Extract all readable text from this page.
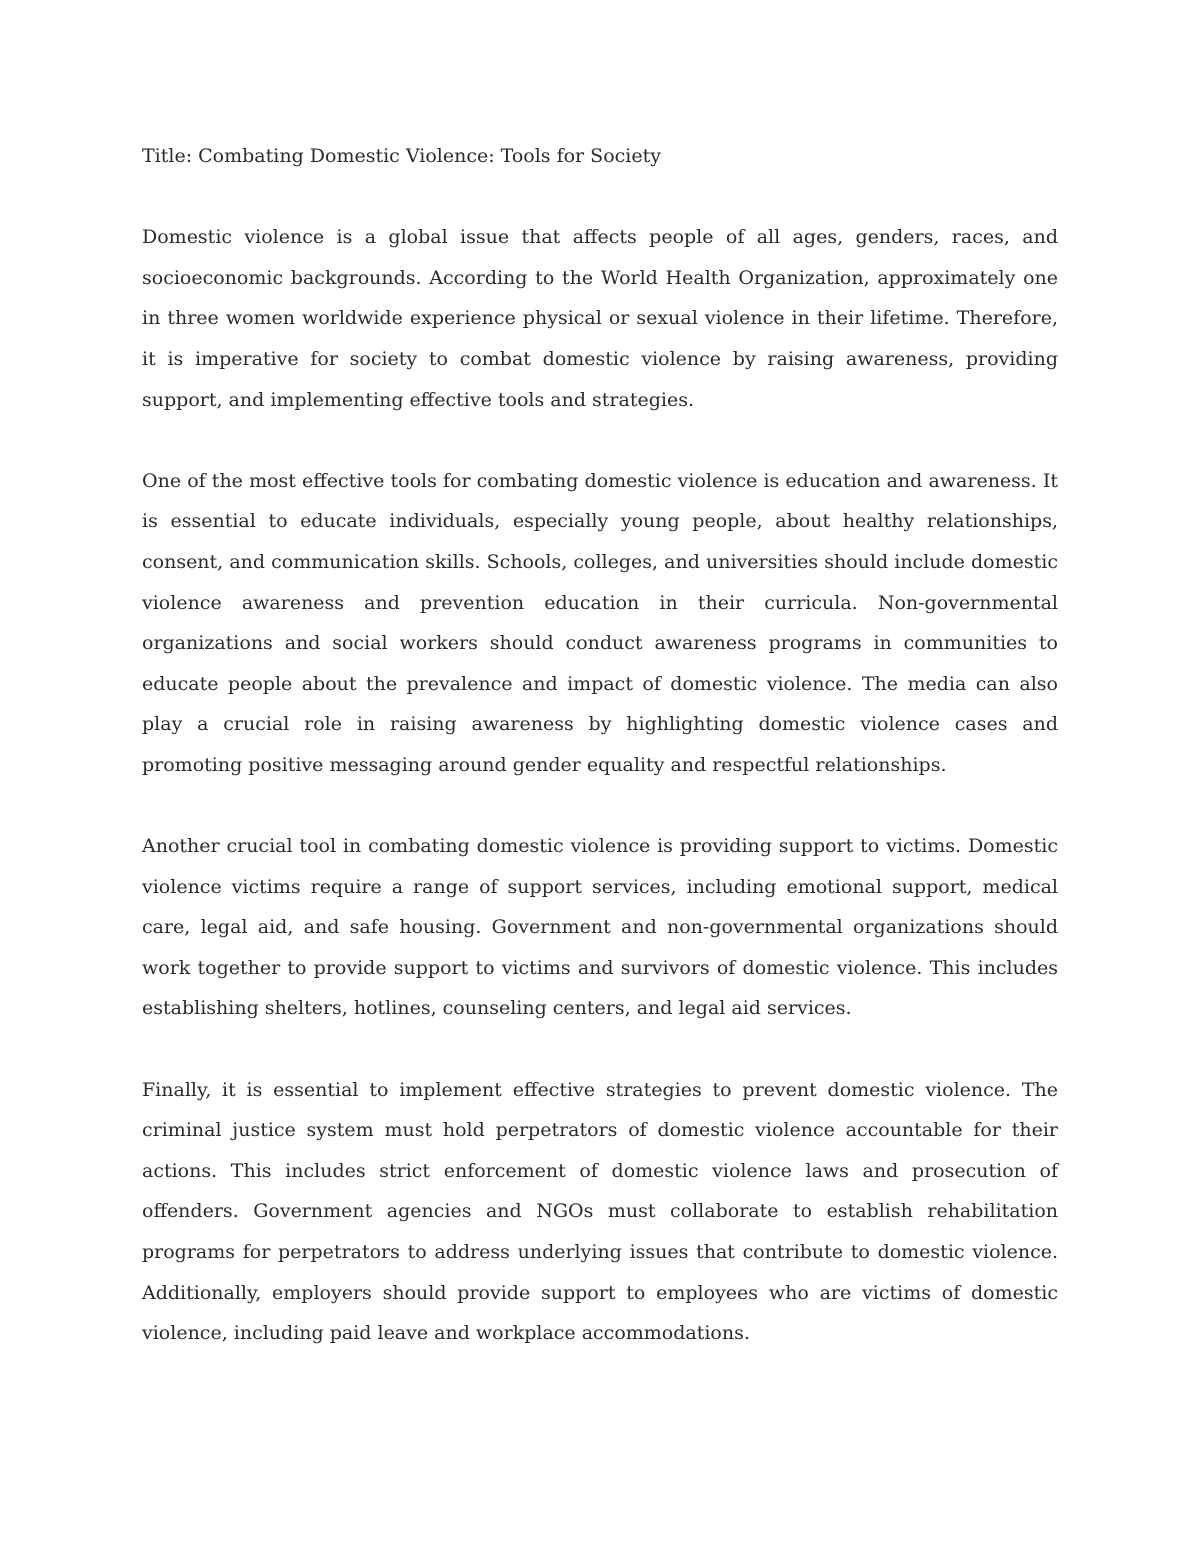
Title: Combating Domestic Violence: Tools for Society

Domestic violence is a global issue that affects people of all ages, genders, races, and socioeconomic backgrounds. According to the World Health Organization, approximately one in three women worldwide experience physical or sexual violence in their lifetime. Therefore, it is imperative for society to combat domestic violence by raising awareness, providing support, and implementing effective tools and strategies.

One of the most effective tools for combating domestic violence is education and awareness. It is essential to educate individuals, especially young people, about healthy relationships, consent, and communication skills. Schools, colleges, and universities should include domestic violence awareness and prevention education in their curricula. Non-governmental organizations and social workers should conduct awareness programs in communities to educate people about the prevalence and impact of domestic violence. The media can also play a crucial role in raising awareness by highlighting domestic violence cases and promoting positive messaging around gender equality and respectful relationships.

Another crucial tool in combating domestic violence is providing support to victims. Domestic violence victims require a range of support services, including emotional support, medical care, legal aid, and safe housing. Government and non-governmental organizations should work together to provide support to victims and survivors of domestic violence. This includes establishing shelters, hotlines, counseling centers, and legal aid services.

Finally, it is essential to implement effective strategies to prevent domestic violence. The criminal justice system must hold perpetrators of domestic violence accountable for their actions. This includes strict enforcement of domestic violence laws and prosecution of offenders. Government agencies and NGOs must collaborate to establish rehabilitation programs for perpetrators to address underlying issues that contribute to domestic violence. Additionally, employers should provide support to employees who are victims of domestic violence, including paid leave and workplace accommodations.
